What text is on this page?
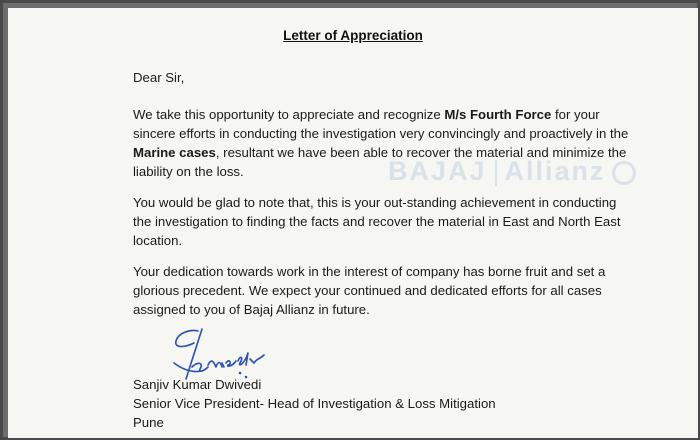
BAJAJ Allianz
Letter of Appreciation

Dear Sir,

We take this opportunity to appreciate and recognize M/s Fourth Force for your sincere efforts in conducting the investigation very convincingly and proactively in the Marine cases, resultant we have been able to recover the material and minimize the liability on the loss.

You would be glad to note that, this is your out-standing achievement in conducting the investigation to finding the facts and recover the material in East and North East location.

Your dedication towards work in the interest of company has borne fruit and set a glorious precedent. We expect your continued and dedicated efforts for all cases assigned to you of Bajaj Allianz in future.

Sanjiv Kumar Dwivedi

Senior Vice President- Head of Investigation & Loss Mitigation

Pune
